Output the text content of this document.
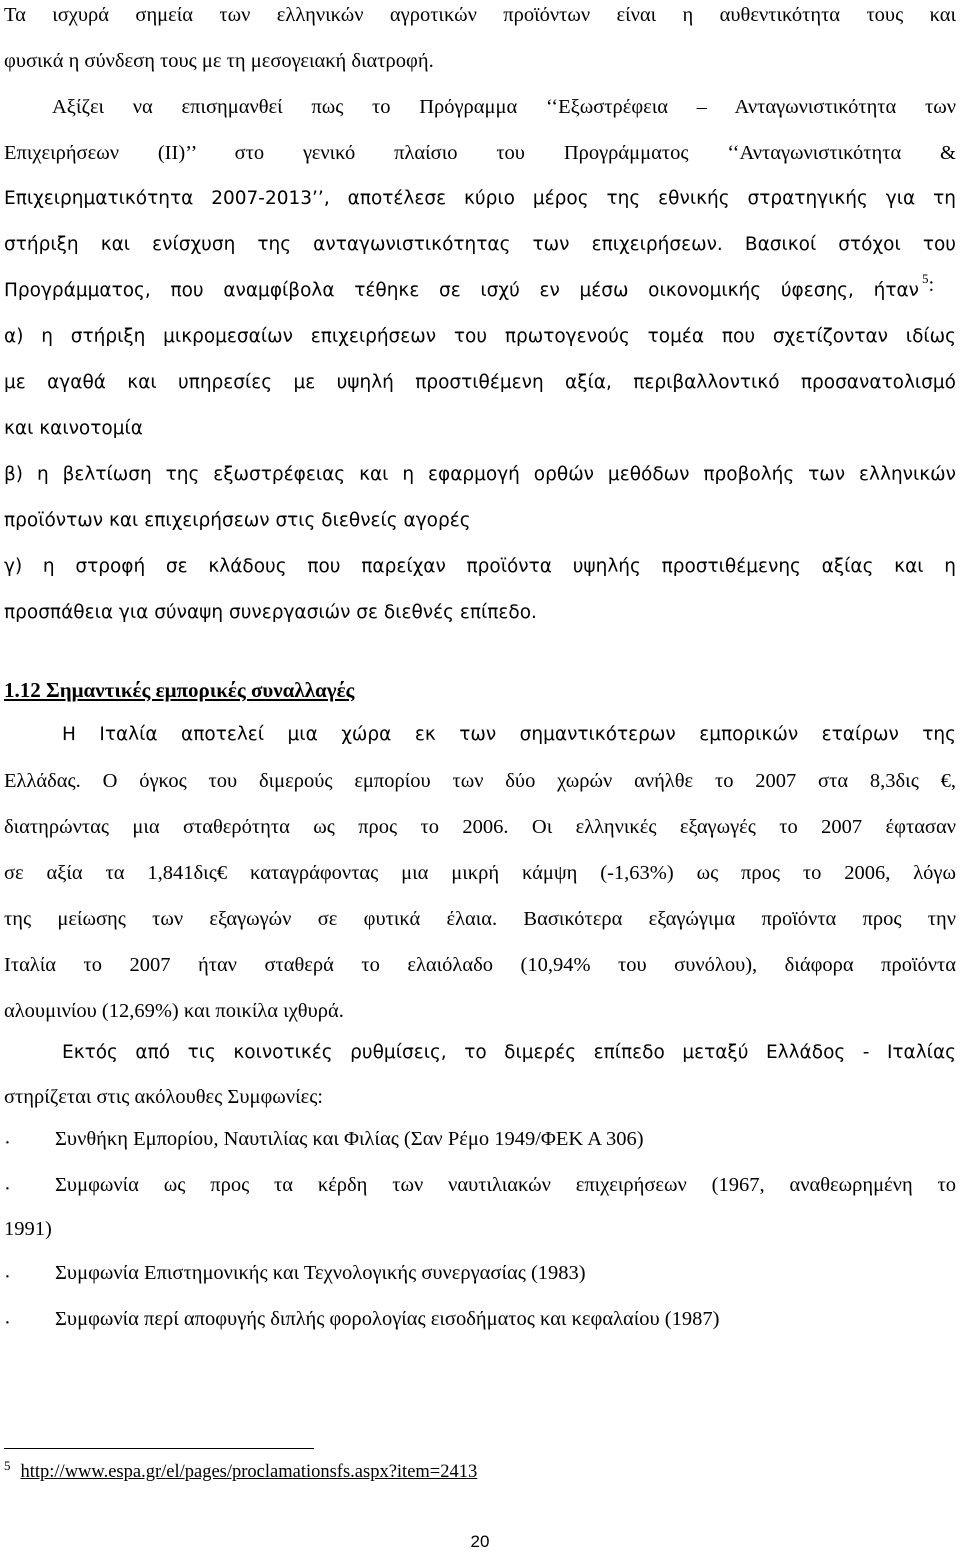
Τα ισχυρά σημεία των ελληνικών αγροτικών προϊόντων είναι η αυθεντικότητα τους και
φυσικά η σύνδεση τους με τη μεσογειακή διατροφή.
Αξίζει να επισημανθεί πως το Πρόγραμμα ‘‘Εξωστρέφεια – Ανταγωνιστικότητα των
Επιχειρήσεων (ΙΙ)’’ στο γενικό πλαίσιο του Προγράμματος ‘‘Ανταγωνιστικότητα &
Επιχειρηματικότητα 2007-2013’’, αποτέλεσε κύριο μέρος της εθνικής στρατηγικής για τη
στήριξη και ενίσχυση της ανταγωνιστικότητας των επιχειρήσεων. Βασικοί στόχοι του
Προγράμματος, που αναμφίβολα τέθηκε σε ισχύ εν μέσω οικονομικής ύφεσης, ήταν
$^5$:
α) η στήριξη μικρομεσαίων επιχειρήσεων του πρωτογενούς τομέα που σχετίζονταν ιδίως
με αγαθά και υπηρεσίες με υψηλή προστιθέμενη αξία, περιβαλλοντικό προσανατολισμό
και καινοτομία
β) η βελτίωση της εξωστρέφειας και η εφαρμογή ορθών μεθόδων προβολής των ελληνικών
προϊόντων και επιχειρήσεων στις διεθνείς αγορές
γ) η στροφή σε κλάδους που παρείχαν προϊόντα υψηλής προστιθέμενης αξίας και η
προσπάθεια για σύναψη συνεργασιών σε διεθνές επίπεδο.
1.12 Σημαντικές εμπορικές συναλλαγές
Η Ιταλία αποτελεί μια χώρα εκ των σημαντικότερων εμπορικών εταίρων της
Ελλάδας. Ο όγκος του διμερούς εμπορίου των δύο χωρών ανήλθε το 2007 στα 8,3δις €,
διατηρώντας μια σταθερότητα ως προς το 2006. Οι ελληνικές εξαγωγές το 2007 έφτασαν
σε αξία τα 1,841δις€ καταγράφοντας μια μικρή κάμψη (-1,63%) ως προς το 2006, λόγω
της μείωσης των εξαγωγών σε φυτικά έλαια. Βασικότερα εξαγώγιμα προϊόντα προς την
Ιταλία το 2007 ήταν σταθερά το ελαιόλαδο (10,94% του συνόλου), διάφορα προϊόντα
αλουμινίου (12,69%) και ποικίλα ιχθυρά.
Εκτός από τις κοινοτικές ρυθμίσεις, το διμερές επίπεδο μεταξύ Ελλάδος - Ιταλίας
στηρίζεται στις ακόλουθες Συμφωνίες:
· Συνθήκη Εμπορίου, Ναυτιλίας και Φιλίας (Σαν Ρέμο 1949/ΦΕΚ Α 306)
· Συμφωνία ως προς τα κέρδη των ναυτιλιακών επιχειρήσεων (1967, αναθεωρημένη το
1991)
· Συμφωνία Επιστημονικής και Τεχνολογικής συνεργασίας (1983)
· Συμφωνία περί αποφυγής διπλής φορολογίας εισοδήματος και κεφαλαίου (1987)
$^5$ http://www.espa.gr/el/pages/proclamationsfs.aspx?item=2413
20
